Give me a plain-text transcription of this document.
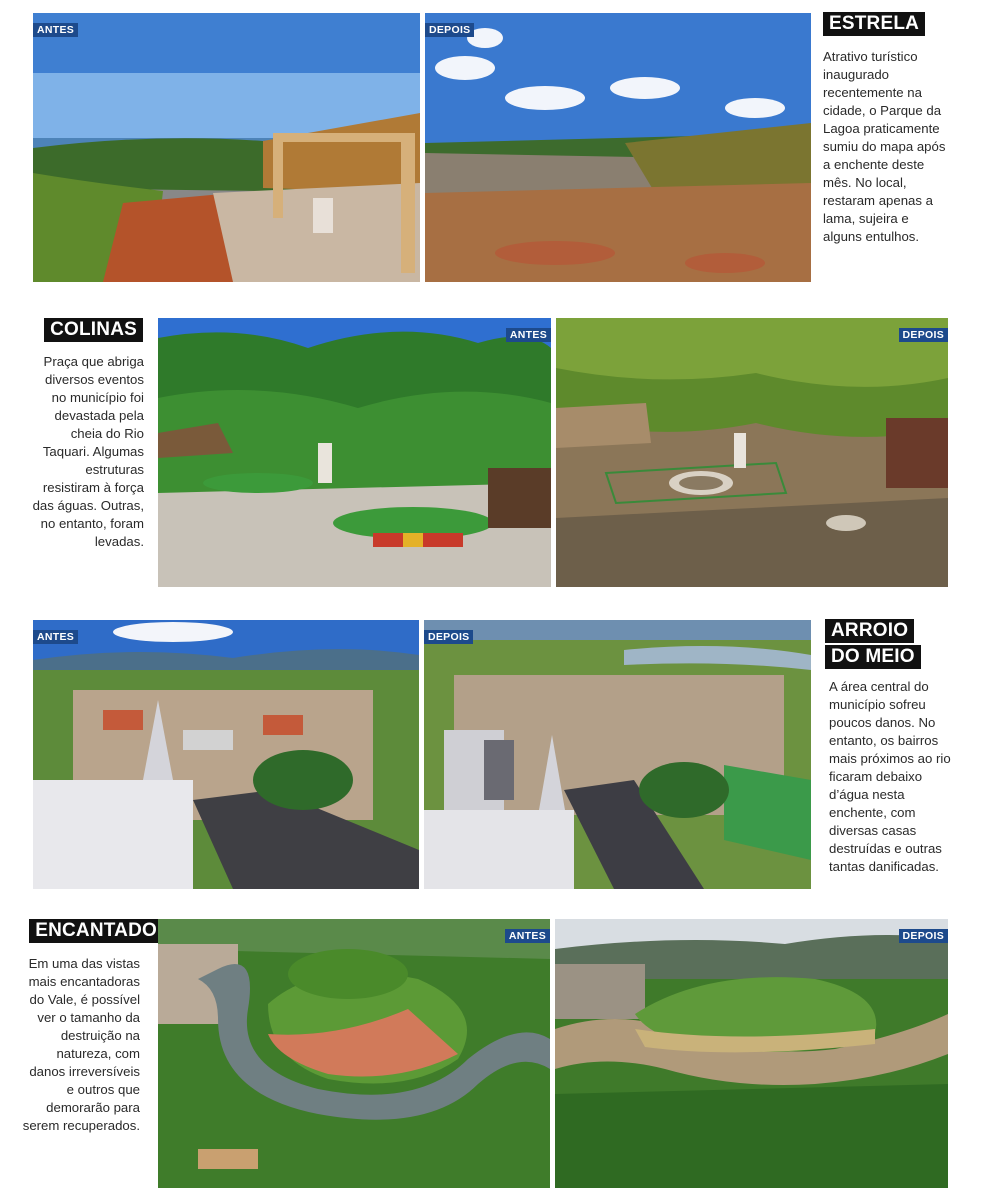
ANTES	DEPOIS	ESTRELA

Atrativo turístico inaugurado recentemente na cidade, o Parque da Lagoa praticamente sumiu do mapa após a enchente deste mês. No local, restaram apenas a lama, sujeira e alguns entulhos.

COLINAS

Praça que abriga diversos eventos no município foi devastada pela cheia do Rio Taquari. Algumas estruturas resistiram à força das águas. Outras, no entanto, foram levadas.

ANTES	DEPOIS
ANTES	DEPOIS	ARROIO
DO MEIO

A área central do município sofreu poucos danos. No entanto, os bairros mais próximos ao rio ficaram debaixo d’água nesta enchente, com diversas casas destruídas e outras tantas danificadas.

ENCANTADO

Em uma das vistas mais encantadoras do Vale, é possível ver o tamanho da destruição na natureza, com danos irreversíveis e outros que demorarão para serem recuperados.

ANTES	DEPOIS
